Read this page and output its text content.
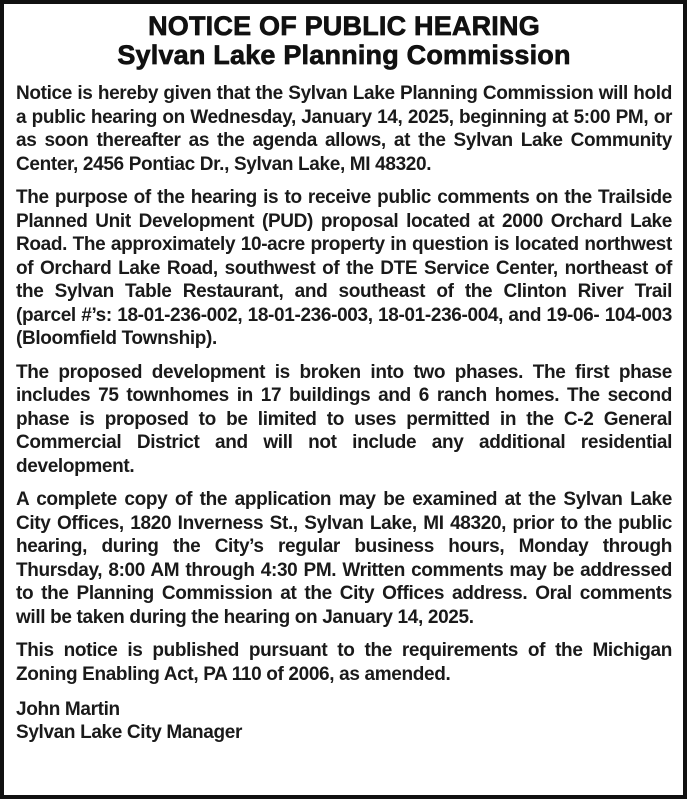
NOTICE OF PUBLIC HEARING
Sylvan Lake Planning Commission

Notice is hereby given that the Sylvan Lake Planning Commission will hold a public hearing on Wednesday, January 14, 2025, beginning at 5:00 PM, or as soon thereafter as the agenda allows, at the Sylvan Lake Community Center, 2456 Pontiac Dr., Sylvan Lake, MI 48320.

The purpose of the hearing is to receive public comments on the Trailside Planned Unit Development (PUD) proposal located at 2000 Orchard Lake Road. The approximately 10-acre property in question is located northwest of Orchard Lake Road, southwest of the DTE Service Center, northeast of the Sylvan Table Restaurant, and southeast of the Clinton River Trail (parcel #’s: 18-01-236-002, 18-01-236-003, 18-01-236-004, and 19-06- 104-003 (Bloomfield Township).

The proposed development is broken into two phases. The first phase includes 75 townhomes in 17 buildings and 6 ranch homes. The second phase is proposed to be limited to uses permitted in the C-2 General Commercial District and will not include any additional residential development.

A complete copy of the application may be examined at the Sylvan Lake City Offices, 1820 Inverness St., Sylvan Lake, MI 48320, prior to the public hearing, during the City’s regular business hours, Monday through Thursday, 8:00 AM through 4:30 PM. Written comments may be addressed to the Planning Commission at the City Offices address. Oral comments will be taken during the hearing on January 14, 2025.

This notice is published pursuant to the requirements of the Michigan Zoning Enabling Act, PA 110 of 2006, as amended.

John Martin
Sylvan Lake City Manager
